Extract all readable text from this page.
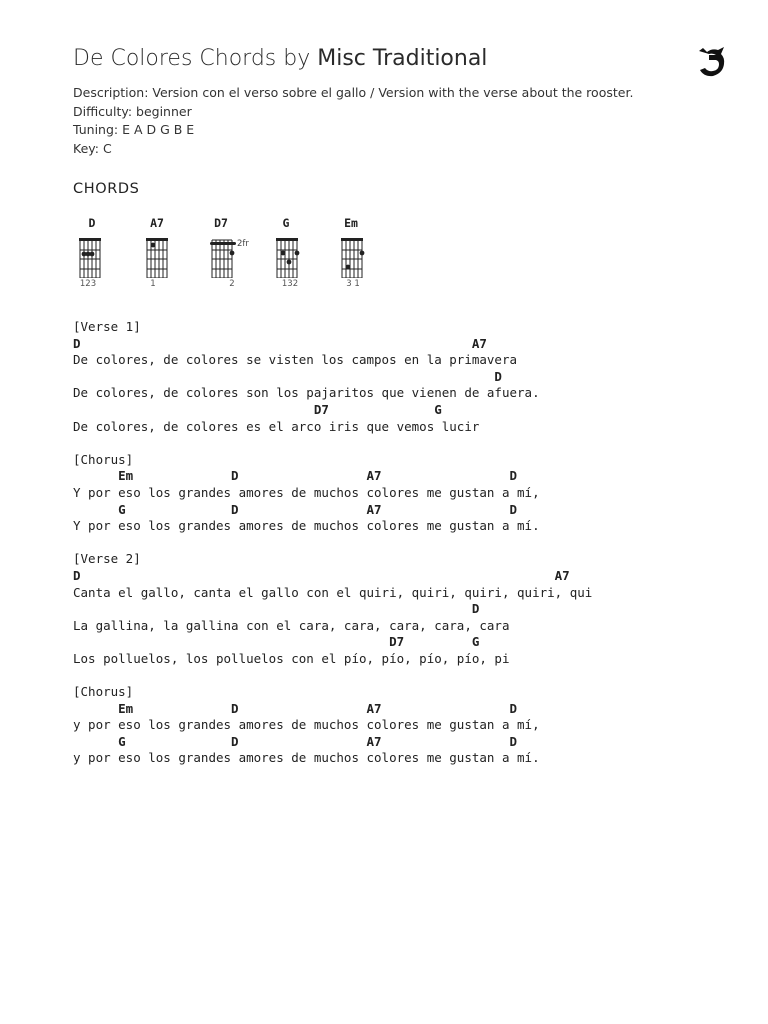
De Colores Chords by Misc Traditional
Description: Version con el verso sobre el gallo / Version with the verse about the rooster.
Difficulty: beginner
Tuning: E A D G B E
Key: C
CHORDS
D
123
A7
1
D7
2fr
2
G
132
Em
3 1
[Verse 1]
D                                                    A7
De colores, de colores se visten los campos en la primavera
D
De colores, de colores son los pajaritos que vienen de afuera.
D7              G
De colores, de colores es el arco iris que vemos lucir
[Chorus]
Em             D                 A7                 D
Y por eso los grandes amores de muchos colores me gustan a mí,
G              D                 A7                 D
Y por eso los grandes amores de muchos colores me gustan a mí.
[Verse 2]
D                                                               A7
Canta el gallo, canta el gallo con el quiri, quiri, quiri, quiri, qui
D
La gallina, la gallina con el cara, cara, cara, cara, cara
D7         G
Los polluelos, los polluelos con el pío, pío, pío, pío, pi
[Chorus]
Em             D                 A7                 D
y por eso los grandes amores de muchos colores me gustan a mí,
G              D                 A7                 D
y por eso los grandes amores de muchos colores me gustan a mí.
